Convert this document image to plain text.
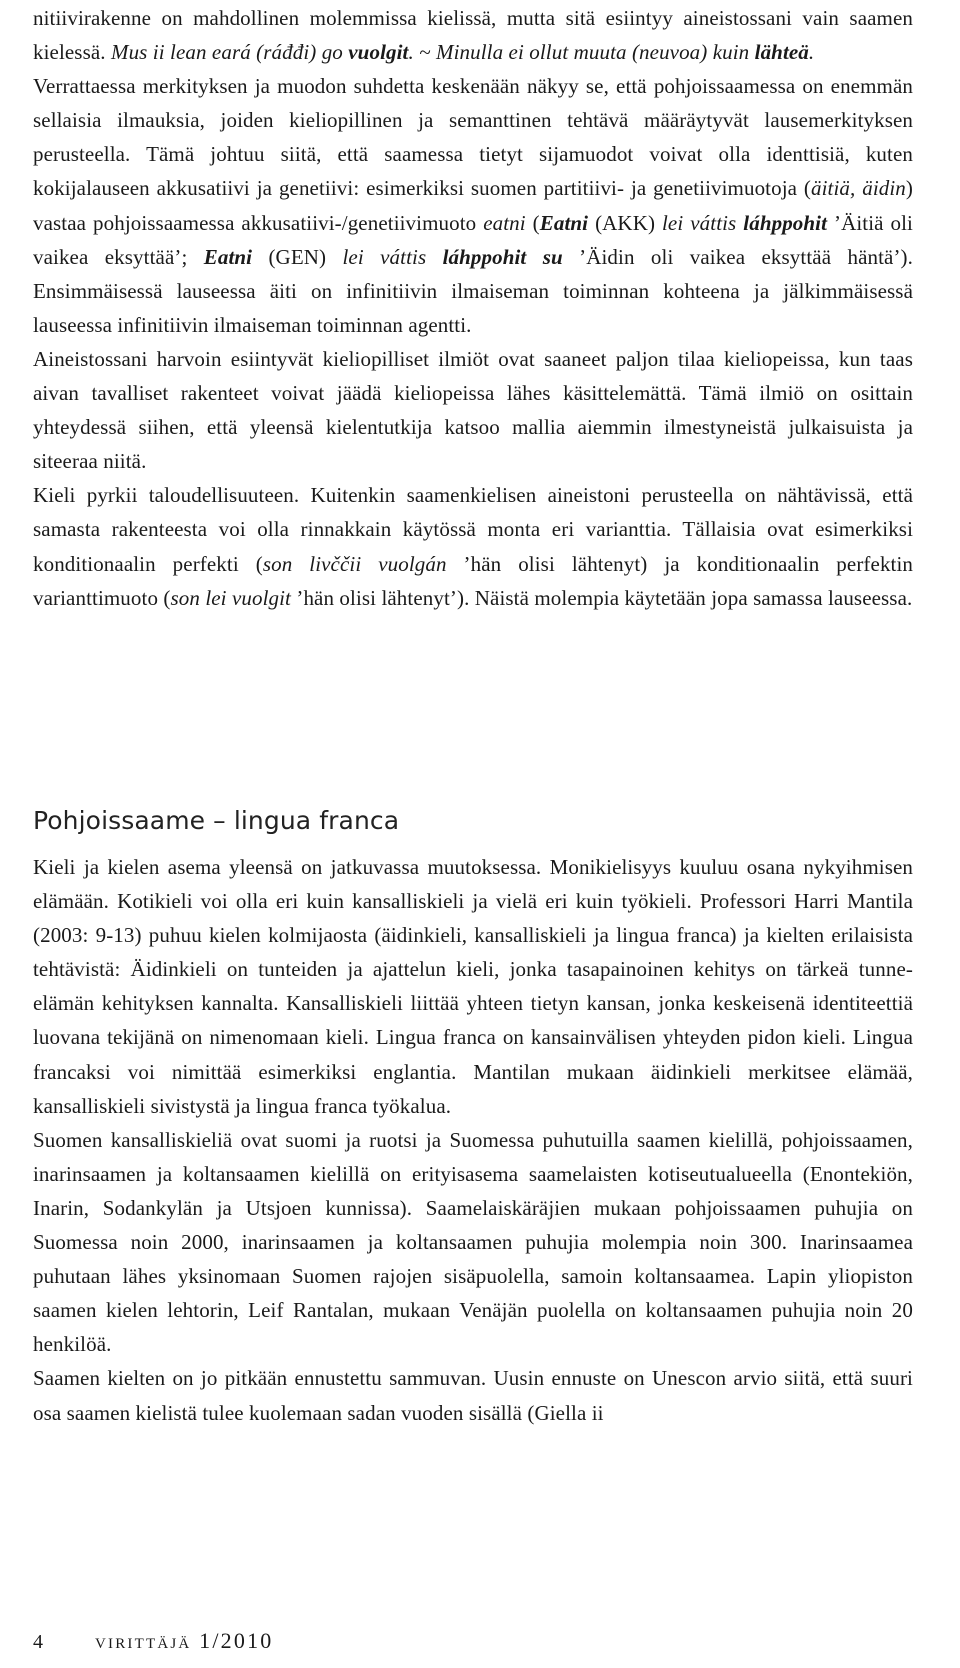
nitiivirakenne on mahdollinen molemmissa kielissä, mutta sitä esiintyy aineistossani vain saamen kielessä. Mus ii lean eará (ráđđi) go vuolgit. ~ Minulla ei ollut muuta (neuvoa) kuin lähteä.

Verrattaessa merkityksen ja muodon suhdetta keskenään näkyy se, että pohjoissaamessa on enemmän sellaisia ilmauksia, joiden kieliopillinen ja semanttinen tehtävä määräytyvät lausemerkityksen perusteella. Tämä johtuu siitä, että saamessa tietyt sijamuodot voivat olla identtisiä, kuten kokijalauseen akkusatiivi ja genetiivi: esimerkiksi suomen partitiivi- ja genetiivimuotoja (äitiä, äidin) vastaa pohjoissaamessa akkusatiivi-/genetiivimuoto eatni (Eatni (AKK) lei váttis láhppohit ’Äitiä oli vaikea eksyttää’; Eatni (GEN) lei váttis láhppohit su ’Äidin oli vaikea eksyttää häntä’). Ensimmäisessä lauseessa äiti on infinitiivin ilmaiseman toiminnan kohteena ja jälkimmäisessä lauseessa infinitiivin ilmaiseman toiminnan agentti.

Aineistossani harvoin esiintyvät kieliopilliset ilmiöt ovat saaneet paljon tilaa kieliopeissa, kun taas aivan tavalliset rakenteet voivat jäädä kieliopeissa lähes käsittelemättä. Tämä ilmiö on osittain yhteydessä siihen, että yleensä kielentutkija katsoo mallia aiemmin ilmestyneistä julkaisuista ja siteeraa niitä.

Kieli pyrkii taloudellisuuteen. Kuitenkin saamenkielisen aineistoni perusteella on nähtävissä, että samasta rakenteesta voi olla rinnakkain käytössä monta eri varianttia. Tällaisia ovat esimerkiksi konditionaalin perfekti (son livččii vuolgán ’hän olisi lähtenyt) ja konditionaalin perfektin varianttimuoto (son lei vuolgit ’hän olisi lähtenyt’). Näistä molempia käytetään jopa samassa lauseessa.

Pohjoissaame – lingua franca

Kieli ja kielen asema yleensä on jatkuvassa muutoksessa. Monikielisyys kuuluu osana nykyihmisen elämään. Kotikieli voi olla eri kuin kansalliskieli ja vielä eri kuin työkieli. Professori Harri Mantila (2003: 9-13) puhuu kielen kolmijaosta (äidinkieli, kansalliskieli ja lingua franca) ja kielten erilaisista tehtävistä: Äidinkieli on tunteiden ja ajattelun kieli, jonka tasapainoinen kehitys on tärkeä tunne-elämän kehityksen kannalta. Kansalliskieli liittää yhteen tietyn kansan, jonka keskeisenä identiteettiä luovana tekijänä on nimenomaan kieli. Lingua franca on kansainvälisen yhteyden pidon kieli. Lingua francaksi voi nimittää esimerkiksi englantia. Mantilan mukaan äidinkieli merkitsee elämää, kansalliskieli sivistystä ja lingua franca työkalua.

Suomen kansalliskieliä ovat suomi ja ruotsi ja Suomessa puhutuilla saamen kielillä, pohjoissaamen, inarinsaamen ja koltansaamen kielillä on erityisasema saamelaisten kotiseutualueella (Enontekiön, Inarin, Sodankylän ja Utsjoen kunnissa). Saamelaiskäräjien mukaan pohjoissaamen puhujia on Suomessa noin 2000, inarinsaamen ja koltansaamen puhujia molempia noin 300. Inarinsaamea puhutaan lähes yksinomaan Suomen rajojen sisäpuolella, samoin koltansaamea. Lapin yliopiston saamen kielen lehtorin, Leif Rantalan, mukaan Venäjän puolella on koltansaamen puhujia noin 20 henkilöä.

Saamen kielten on jo pitkään ennustettu sammuvan. Uusin ennuste on Unescon arvio siitä, että suuri osa saamen kielistä tulee kuolemaan sadan vuoden sisällä (Giella ii

4 virittäjä 1/2010
